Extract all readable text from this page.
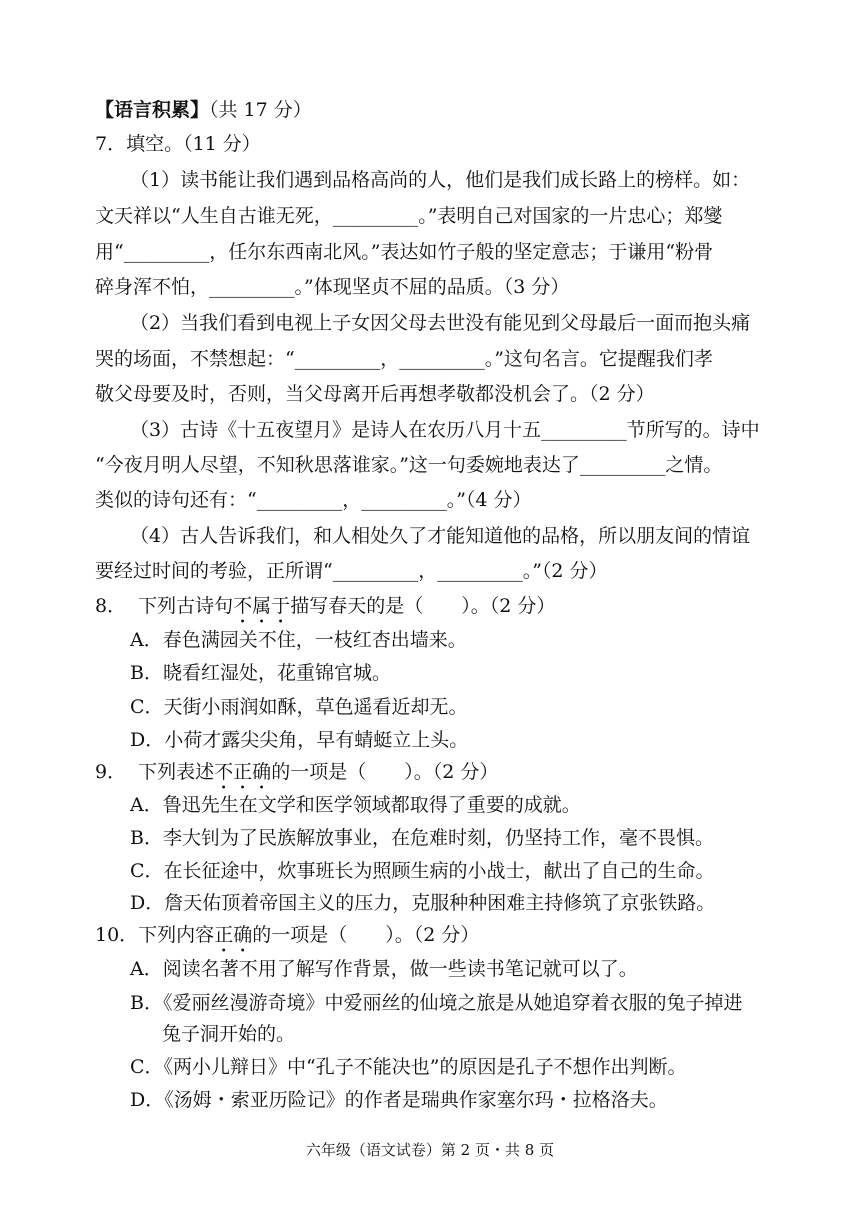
【语言积累】（共 17 分）
7．填空。（11 分）
（1）读书能让我们遇到品格高尚的人，他们是我们成长路上的榜样。如：
文天祥以“人生自古谁无死，_________。”表明自己对国家的一片忠心；郑燮
用“_________，任尔东西南北风。”表达如竹子般的坚定意志；于谦用“粉骨
碎身浑不怕，_________。”体现坚贞不屈的品质。（3 分）
（2）当我们看到电视上子女因父母去世没有能见到父母最后一面而抱头痛
哭的场面，不禁想起：“_________，_________。”这句名言。它提醒我们孝
敬父母要及时，否则，当父母离开后再想孝敬都没机会了。（2 分）
（3）古诗《十五夜望月》是诗人在农历八月十五_________节所写的。诗中
“今夜月明人尽望，不知秋思落谁家。”这一句委婉地表达了_________之情。
类似的诗句还有：“_________，_________。”（4 分）
（4）古人告诉我们，和人相处久了才能知道他的品格，所以朋友间的情谊
要经过时间的考验，正所谓“_________，_________。”（2 分）
8．  下列古诗句不属于描写春天的是（　　）。（2 分）
A．春色满园关不住，一枝红杏出墙来。
B．晓看红湿处，花重锦官城。
C．天街小雨润如酥，草色遥看近却无。
D．小荷才露尖尖角，早有蜻蜓立上头。
9．  下列表述不正确的一项是（　　）。（2 分）
A．鲁迅先生在文学和医学领域都取得了重要的成就。
B．李大钊为了民族解放事业，在危难时刻，仍坚持工作，毫不畏惧。
C．在长征途中，炊事班长为照顾生病的小战士，献出了自己的生命。
D．詹天佑顶着帝国主义的压力，克服种种困难主持修筑了京张铁路。
10．下列内容正确的一项是（　　）。（2 分）
A．阅读名著不用了解写作背景，做一些读书笔记就可以了。
B．《爱丽丝漫游奇境》中爱丽丝的仙境之旅是从她追穿着衣服的兔子掉进
兔子洞开始的。
C．《两小儿辩日》中“孔子不能决也”的原因是孔子不想作出判断。
D．《汤姆・索亚历险记》的作者是瑞典作家塞尔玛・拉格洛夫。
六年级（语文试卷）第 2 页・共 8 页
